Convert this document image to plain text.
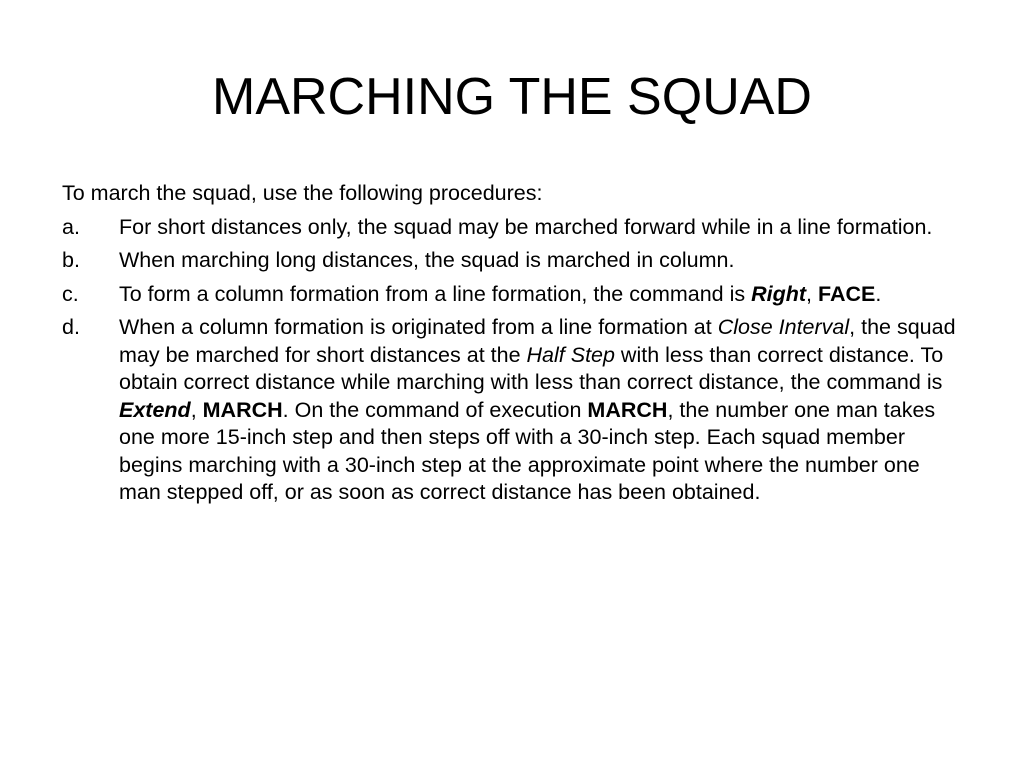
MARCHING THE SQUAD

To march the squad, use the following procedures:

a.	For short distances only, the squad may be marched forward while in a line formation.
b.	When marching long distances, the squad is marched in column.
c.	To form a column formation from a line formation, the command is Right, FACE.
d.	When a column formation is originated from a line formation at Close Interval, the squad may be marched for short distances at the Half Step with less than correct distance. To obtain correct distance while marching with less than correct distance, the command is Extend, MARCH. On the command of execution MARCH, the number one man takes one more 15-inch step and then steps off with a 30-inch step. Each squad member begins marching with a 30-inch step at the approximate point where the number one man stepped off, or as soon as correct distance has been obtained.
